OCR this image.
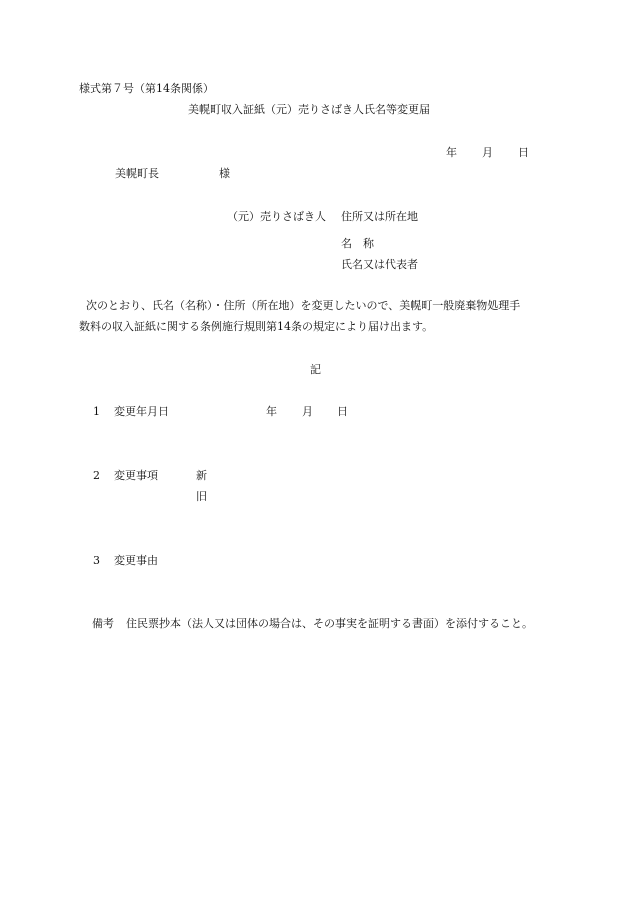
様式第７号（第14条関係）
美幌町収入証紙（元）売りさばき人氏名等変更届
年 月 日
美幌町長	様
（元）売りさばき人 住所又は所在地
名　称
氏名又は代表者
次のとおり、氏名（名称）・住所（所在地）を変更したいので、美幌町一般廃棄物処理手
数料の収入証紙に関する条例施行規則第14条の規定により届け出ます。
記
1 変更年月日	年 月 日
2 変更事項	新
旧
3 変更事由
備考 住民票抄本（法人又は団体の場合は、その事実を証明する書面）を添付すること。
